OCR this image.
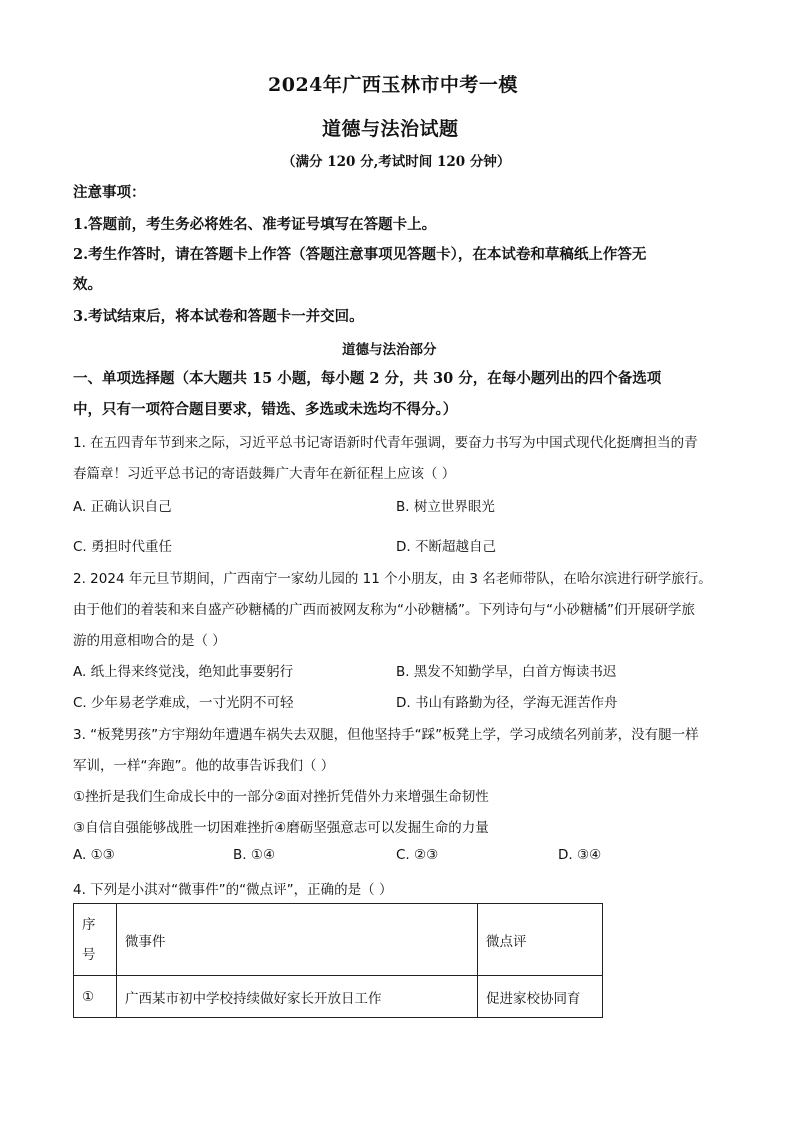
2024年广西玉林市中考一模
道德与法治试题
（满分 120 分,考试时间 120 分钟）
注意事项：
1.答题前，考生务必将姓名、准考证号填写在答题卡上。
2.考生作答时，请在答题卡上作答（答题注意事项见答题卡），在本试卷和草稿纸上作答无
效。
3.考试结束后，将本试卷和答题卡一并交回。
道德与法治部分
一、单项选择题（本大题共 15 小题，每小题 2 分，共 30 分，在每小题列出的四个备选项
中，只有一项符合题目要求，错选、多选或未选均不得分。）
1. 在五四青年节到来之际，习近平总书记寄语新时代青年强调，要奋力书写为中国式现代化挺膺担当的青
春篇章！习近平总书记的寄语鼓舞广大青年在新征程上应该（ ）
A. 正确认识自己	B. 树立世界眼光
C. 勇担时代重任	D. 不断超越自己
2. 2024 年元旦节期间，广西南宁一家幼儿园的 11 个小朋友，由 3 名老师带队，在哈尔滨进行研学旅行。
由于他们的着装和来自盛产砂糖橘的广西而被网友称为“小砂糖橘”。下列诗句与“小砂糖橘”们开展研学旅
游的用意相吻合的是（ ）
A. 纸上得来终觉浅，绝知此事要躬行	B. 黑发不知勤学早，白首方悔读书迟
C. 少年易老学难成，一寸光阴不可轻	D. 书山有路勤为径，学海无涯苦作舟
3. “板凳男孩”方宇翔幼年遭遇车祸失去双腿，但他坚持手“踩”板凳上学，学习成绩名列前茅，没有腿一样
军训，一样“奔跑”。他的故事告诉我们（ ）
①挫折是我们生命成长中的一部分②面对挫折凭借外力来增强生命韧性
③自信自强能够战胜一切困难挫折④磨砺坚强意志可以发掘生命的力量
A. ①③	B. ①④	C. ②③	D. ③④
4. 下列是小淇对“微事件”的“微点评”，正确的是（ ）
序
号	微事件	微点评
①	广西某市初中学校持续做好家长开放日工作	促进家校协同育
